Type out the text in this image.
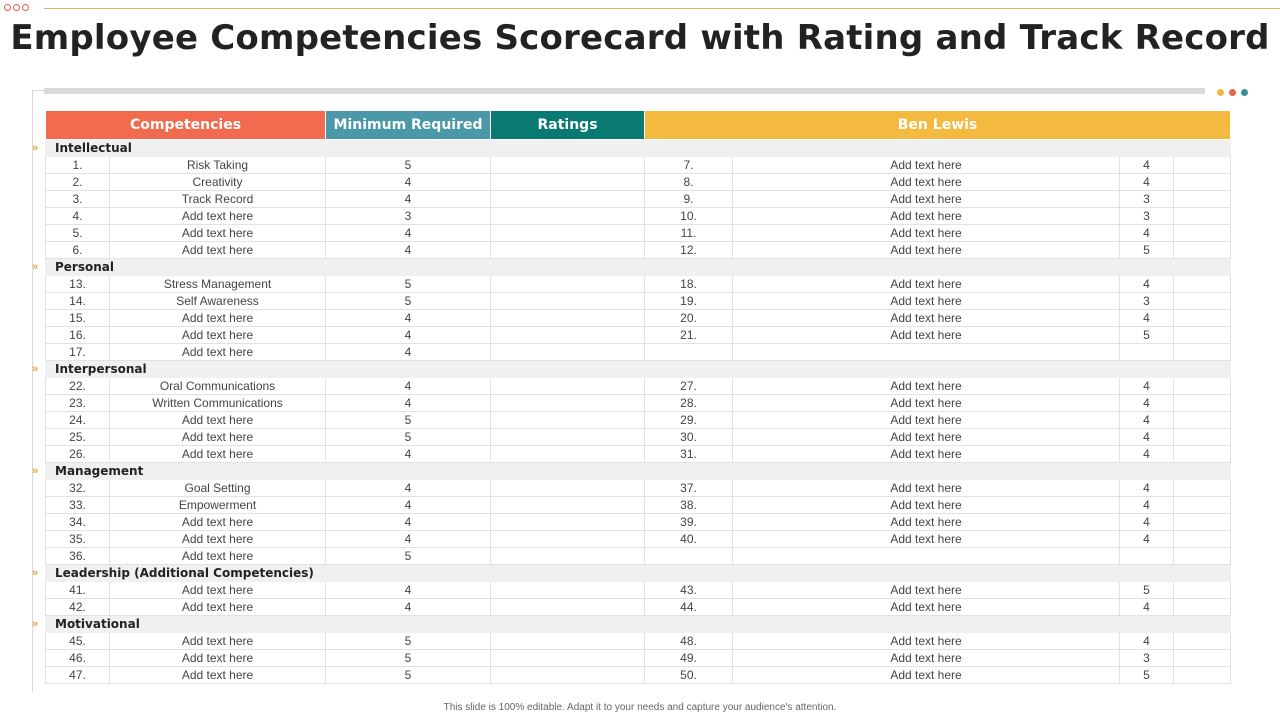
Employee Competencies Scorecard with Rating and Track Record
»
»
»
»
»
»
Competencies		Minimum Required	Ratings	Ben Lewis			
Intellectual							
1.	Risk Taking	5		7.	Add text here	4	
2.	Creativity	4		8.	Add text here	4	
3.	Track Record	4		9.	Add text here	3	
4.	Add text here	3		10.	Add text here	3	
5.	Add text here	4		11.	Add text here	4	
6.	Add text here	4		12.	Add text here	5	
Personal							
13.	Stress Management	5		18.	Add text here	4	
14.	Self Awareness	5		19.	Add text here	3	
15.	Add text here	4		20.	Add text here	4	
16.	Add text here	4		21.	Add text here	5	
17.	Add text here	4					
Interpersonal							
22.	Oral Communications	4		27.	Add text here	4	
23.	Written Communications	4		28.	Add text here	4	
24.	Add text here	5		29.	Add text here	4	
25.	Add text here	5		30.	Add text here	4	
26.	Add text here	4		31.	Add text here	4	
Management							
32.	Goal Setting	4		37.	Add text here	4	
33.	Empowerment	4		38.	Add text here	4	
34.	Add text here	4		39.	Add text here	4	
35.	Add text here	4		40.	Add text here	4	
36.	Add text here	5					
Leadership (Additional Competencies)							
41.	Add text here	4		43.	Add text here	5	
42.	Add text here	4		44.	Add text here	4	
Motivational							
45.	Add text here	5		48.	Add text here	4	
46.	Add text here	5		49.	Add text here	3	
47.	Add text here	5		50.	Add text here	5	
This slide is 100% editable. Adapt it to your needs and capture your audience's attention.
